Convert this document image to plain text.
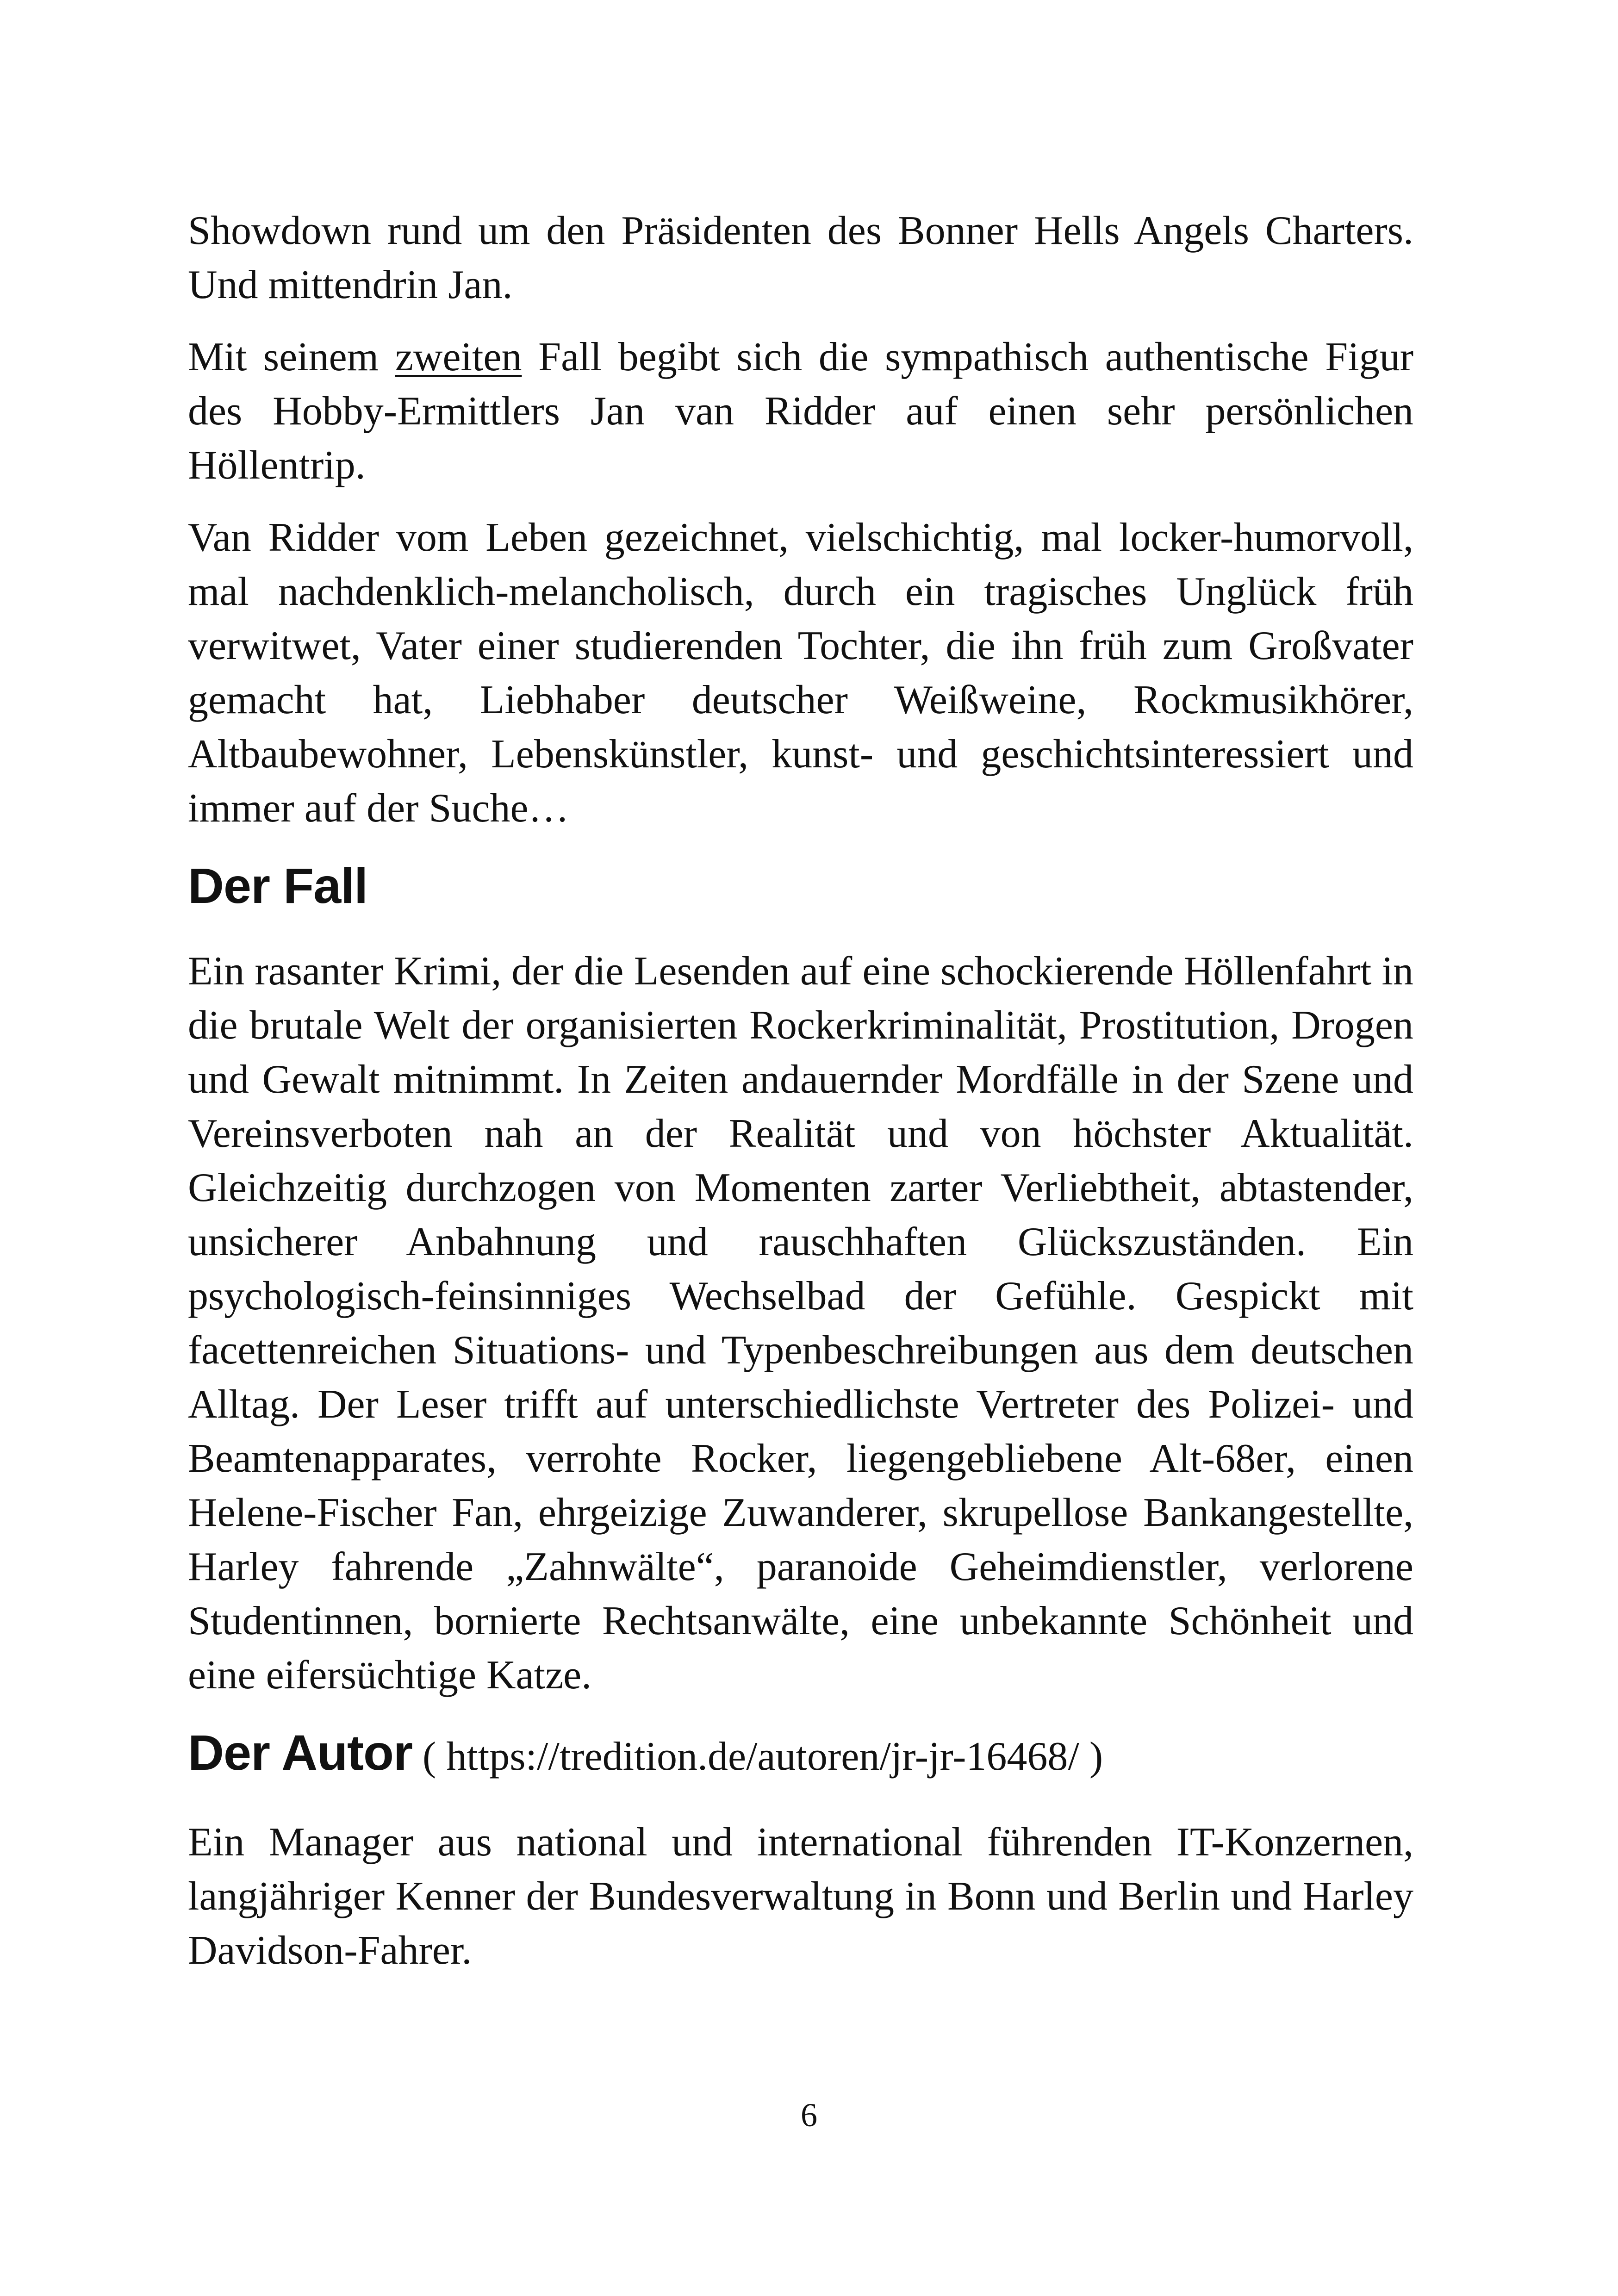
Showdown rund um den Präsidenten des Bonner Hells Angels Charters. Und mittendrin Jan.

Mit seinem zweiten Fall begibt sich die sympathisch authentische Figur des Hobby-Ermittlers Jan van Ridder auf einen sehr persönlichen Höllentrip.

Van Ridder vom Leben gezeichnet, vielschichtig, mal locker-humorvoll, mal nachdenklich-melancholisch, durch ein tragisches Unglück früh verwitwet, Vater einer studierenden Tochter, die ihn früh zum Großvater gemacht hat, Liebhaber deutscher Weißweine, Rockmusikhörer, Altbaubewohner, Lebenskünstler, kunst- und geschichtsinteressiert und immer auf der Suche…

Der Fall

Ein rasanter Krimi, der die Lesenden auf eine schockierende Höllenfahrt in die brutale Welt der organisierten Rockerkriminalität, Prostitution, Drogen und Gewalt mitnimmt. In Zeiten andauernder Mordfälle in der Szene und Vereinsverboten nah an der Realität und von höchster Aktualität. Gleichzeitig durchzogen von Momenten zarter Verliebtheit, abtastender, unsicherer Anbahnung und rauschhaften Glückszuständen. Ein psychologisch-feinsinniges Wechselbad der Gefühle. Gespickt mit facettenreichen Situations- und Typenbeschreibungen aus dem deutschen Alltag. Der Leser trifft auf unterschiedlichste Vertreter des Polizei- und Beamtenapparates, verrohte Rocker, liegengebliebene Alt-68er, einen Helene-Fischer Fan, ehrgeizige Zuwanderer, skrupellose Bankangestellte, Harley fahrende „Zahnwälte“, paranoide Geheimdienstler, verlorene Studentinnen, bornierte Rechtsanwälte, eine unbekannte Schönheit und eine eifersüchtige Katze.

Der Autor ( https://tredition.de/autoren/jr-jr-16468/ )

Ein Manager aus national und international führenden IT-Konzernen, langjähriger Kenner der Bundesverwaltung in Bonn und Berlin und Harley Davidson-Fahrer.

6
